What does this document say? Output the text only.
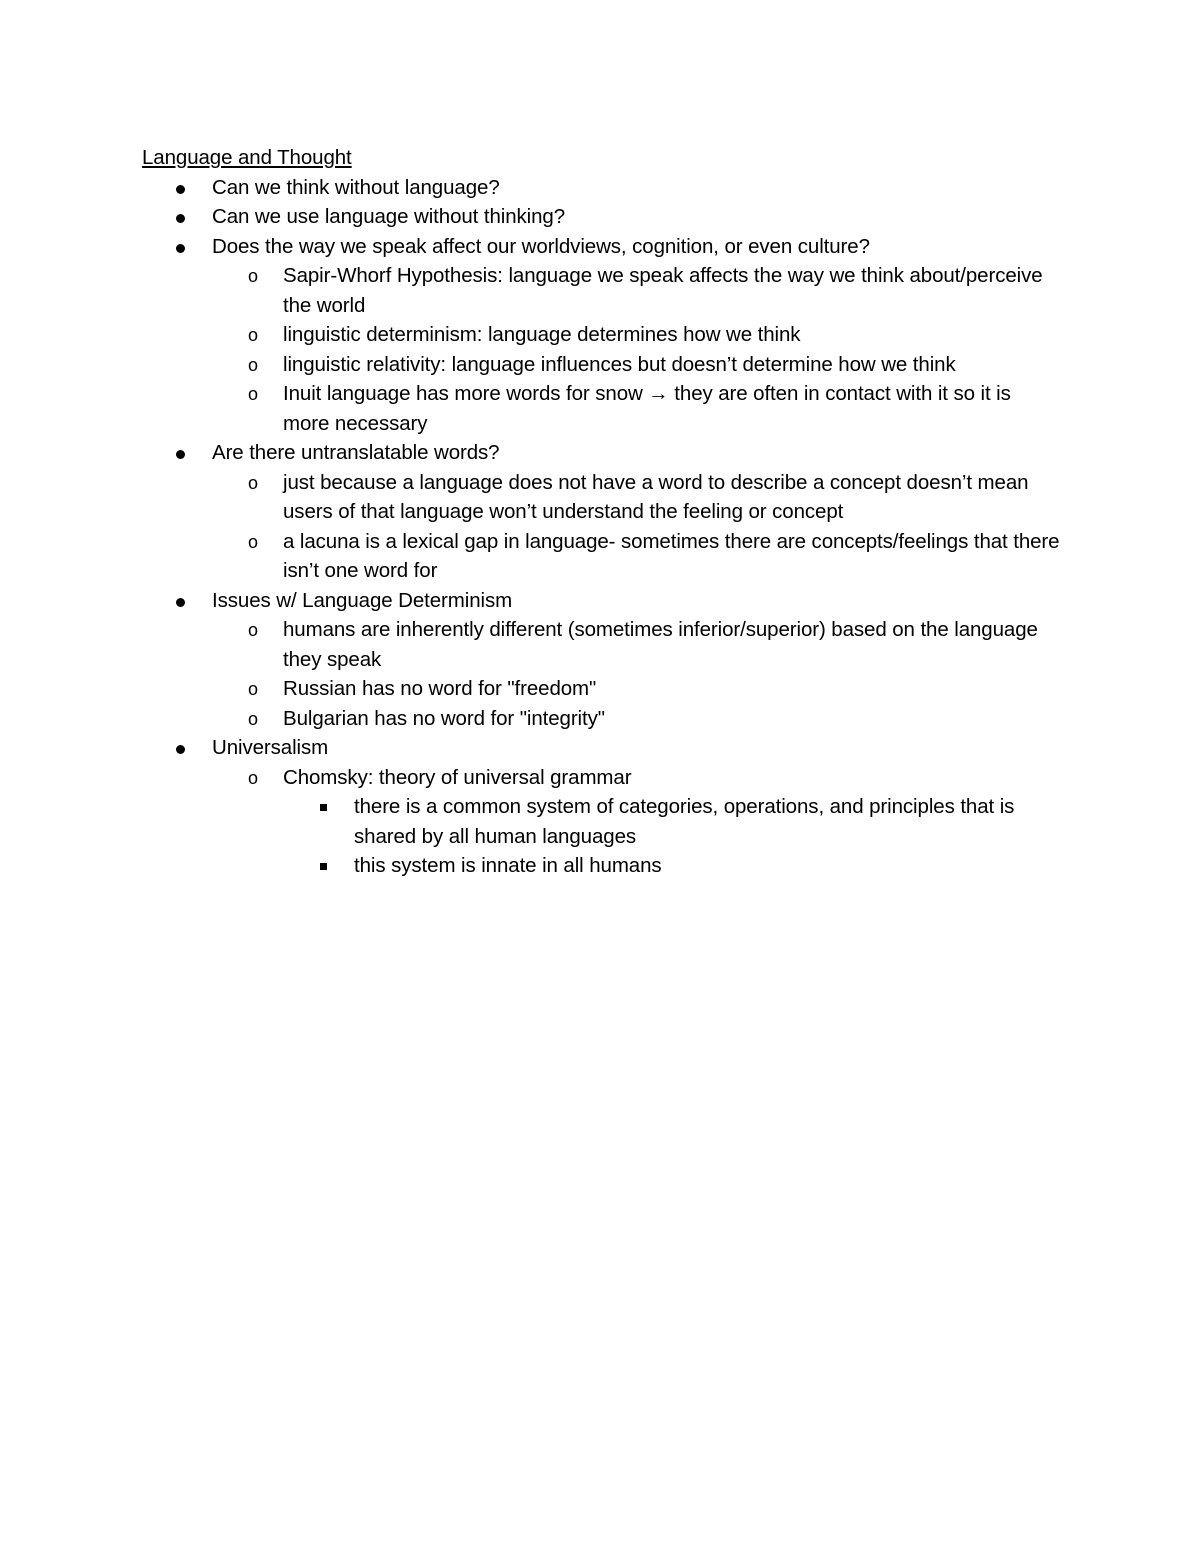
Language and Thought
Can we think without language?
Can we use language without thinking?
Does the way we speak affect our worldviews, cognition, or even culture?
o Sapir-Whorf Hypothesis: language we speak affects the way we think about/perceive the world
o linguistic determinism: language determines how we think
o linguistic relativity: language influences but doesn’t determine how we think
o Inuit language has more words for snow → they are often in contact with it so it is more necessary
Are there untranslatable words?
o just because a language does not have a word to describe a concept doesn’t mean users of that language won’t understand the feeling or concept
o a lacuna is a lexical gap in language- sometimes there are concepts/feelings that there isn’t one word for
Issues w/ Language Determinism
o humans are inherently different (sometimes inferior/superior) based on the language they speak
o Russian has no word for "freedom"
o Bulgarian has no word for "integrity"
Universalism
o Chomsky: theory of universal grammar
there is a common system of categories, operations, and principles that is shared by all human languages
this system is innate in all humans
